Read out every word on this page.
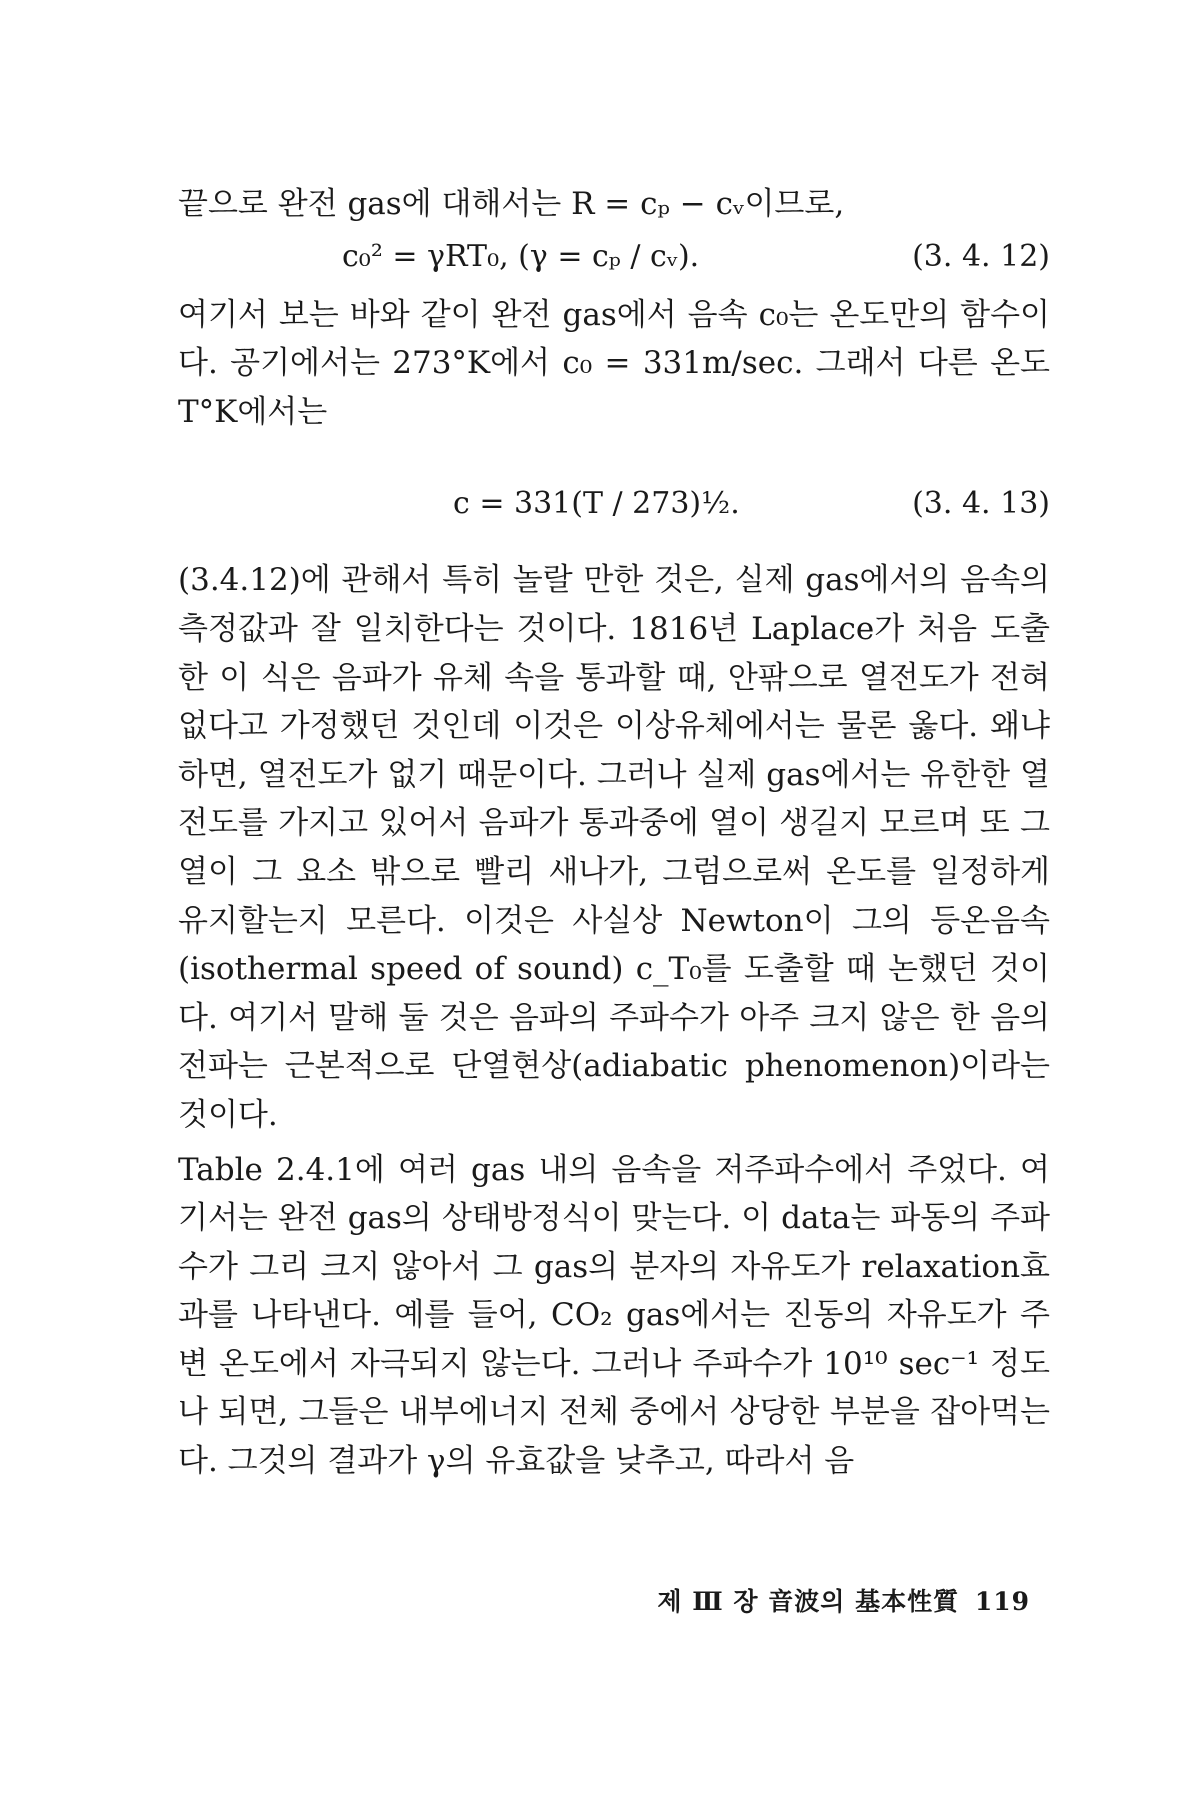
끝으로 완전 gas에 대해서는 R = cₚ − cᵥ이므로,

c₀² = γRT₀, (γ = cₚ / cᵥ).	(3. 4. 12)

여기서 보는 바와 같이 완전 gas에서 음속 c₀는 온도만의 함수이다. 공기에서는 273°K에서 c₀ = 331m/sec. 그래서 다른 온도 T°K에서는

c = 331(T / 273)½.	(3. 4. 13)

(3.4.12)에 관해서 특히 놀랄 만한 것은, 실제 gas에서의 음속의 측정값과 잘 일치한다는 것이다. 1816년 Laplace가 처음 도출한 이 식은 음파가 유체 속을 통과할 때, 안팎으로 열전도가 전혀 없다고 가정했던 것인데 이것은 이상유체에서는 물론 옳다. 왜냐하면, 열전도가 없기 때문이다. 그러나 실제 gas에서는 유한한 열전도를 가지고 있어서 음파가 통과중에 열이 생길지 모르며 또 그 열이 그 요소 밖으로 빨리 새나가, 그럼으로써 온도를 일정하게 유지할는지 모른다. 이것은 사실상 Newton이 그의 등온음속(isothermal speed of sound) c_T₀를 도출할 때 논했던 것이다. 여기서 말해 둘 것은 음파의 주파수가 아주 크지 않은 한 음의 전파는 근본적으로 단열현상(adiabatic phenomenon)이라는 것이다.

Table 2.4.1에 여러 gas 내의 음속을 저주파수에서 주었다. 여기서는 완전 gas의 상태방정식이 맞는다. 이 data는 파동의 주파수가 그리 크지 않아서 그 gas의 분자의 자유도가 relaxation효과를 나타낸다. 예를 들어, CO₂ gas에서는 진동의 자유도가 주변 온도에서 자극되지 않는다. 그러나 주파수가 10¹⁰ sec⁻¹ 정도나 되면, 그들은 내부에너지 전체 중에서 상당한 부분을 잡아먹는다. 그것의 결과가 γ의 유효값을 낮추고, 따라서 음

제 Ⅲ 장 音波의 基本性質 119
